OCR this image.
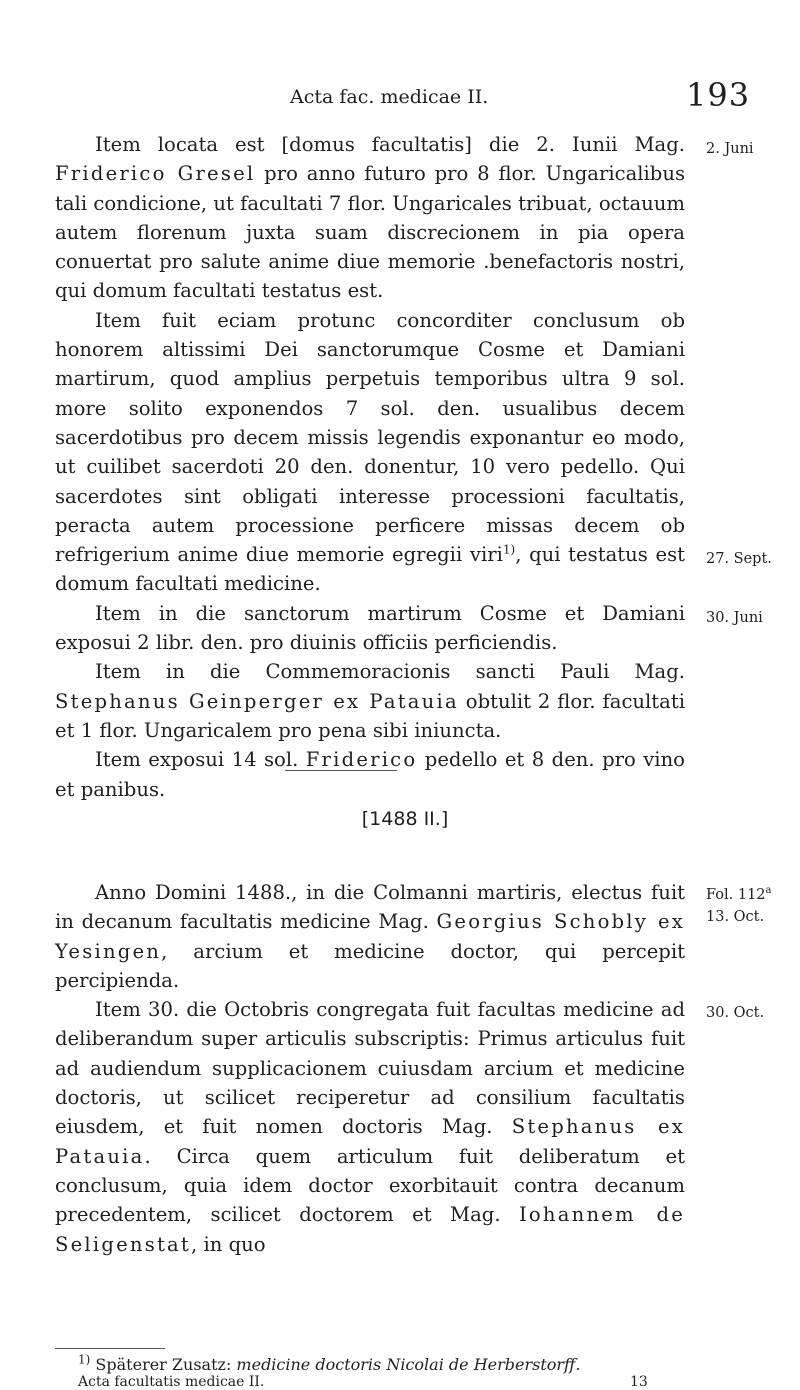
Acta fac. medicae II.	193

Item locata est [domus facultatis] die 2. Iunii Mag. Friderico Gresel pro anno futuro pro 8 flor. Ungaricalibus tali condicione, ut facultati 7 flor. Ungaricales tribuat, octauum autem florenum juxta suam discrecionem in pia opera conuertat pro salute anime diue memorie .benefactoris nostri, qui domum facultati testatus est.

Item fuit eciam protunc concorditer conclusum ob honorem altissimi Dei sanctorumque Cosme et Damiani martirum, quod amplius perpetuis temporibus ultra 9 sol. more solito exponendos 7 sol. den. usualibus decem sacerdotibus pro decem missis legendis exponantur eo modo, ut cuilibet sacerdoti 20 den. donentur, 10 vero pedello. Qui sacerdotes sint obligati interesse processioni facultatis, peracta autem processione perficere missas decem ob refrigerium anime diue memorie egregii viri$^{1)}$, qui testatus est domum facultati medicine.

Item in die sanctorum martirum Cosme et Damiani exposui 2 libr. den. pro diuinis officiis perficiendis.

Item in die Commemoracionis sancti Pauli Mag. Stephanus Geinperger ex Patauia obtulit 2 flor. facultati et 1 flor. Ungaricalem pro pena sibi iniuncta.

Item exposui 14 sol. Friderico pedello et 8 den. pro vino et panibus.

[1488 II.]

Anno Domini 1488., in die Colmanni martiris, electus fuit in decanum facultatis medicine Mag. Georgius Schobly ex Yesingen, arcium et medicine doctor, qui percepit percipienda.

Item 30. die Octobris congregata fuit facultas medicine ad deliberandum super articulis subscriptis: Primus articulus fuit ad audiendum supplicacionem cuiusdam arcium et medicine doctoris, ut scilicet reciperetur ad consilium facultatis eiusdem, et fuit nomen doctoris Mag. Stephanus ex Patauia. Circa quem articulum fuit deliberatum et conclusum, quia idem doctor exorbitauit contra decanum precedentem, scilicet doctorem et Mag. Iohannem de Seligenstat, in quo

2. Juni
27. Sept.
30. Juni
Fol. 112$^a$
13. Oct.
30. Oct.
$^{1)}$ Späterer Zusatz: medicine doctoris Nicolai de Herberstorff.
Acta facultatis medicae II.	13
